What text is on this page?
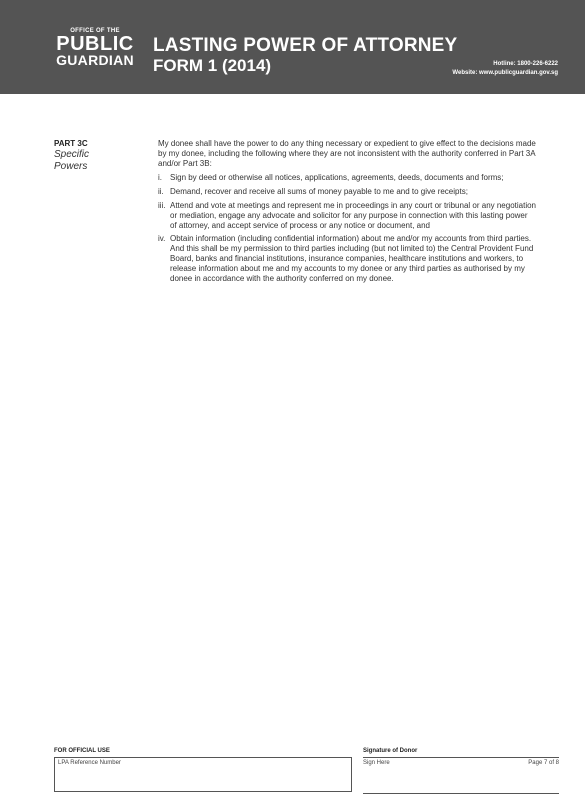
OFFICE OF THE
PUBLIC
GUARDIAN
LASTING POWER OF ATTORNEY
FORM 1 (2014)	Hotline: 1800-226-6222
Website: www.publicguardian.gov.sg
PART 3C
Specific Powers

My donee shall have the power to do any thing necessary or expedient to give effect to the decisions made by my donee, including the following where they are not inconsistent with the authority conferred in Part 3A and/or Part 3B:

i. Sign by deed or otherwise all notices, applications, agreements, deeds, documents and forms;
ii. Demand, recover and receive all sums of money payable to me and to give receipts;
iii. Attend and vote at meetings and represent me in proceedings in any court or tribunal or any negotiation or mediation, engage any advocate and solicitor for any purpose in connection with this lasting power of attorney, and accept service of process or any notice or document, and
iv. Obtain information (including confidential information) about me and/or my accounts from third parties. And this shall be my permission to third parties including (but not limited to) the Central Provident Fund Board, banks and financial institutions, insurance companies, healthcare institutions and workers, to release information about me and my accounts to my donee or any third parties as authorised by my donee in accordance with the authority conferred on my donee.
FOR OFFICIAL USE
LPA Reference Number
Signature of Donor
Sign Here	Page 7 of 8
